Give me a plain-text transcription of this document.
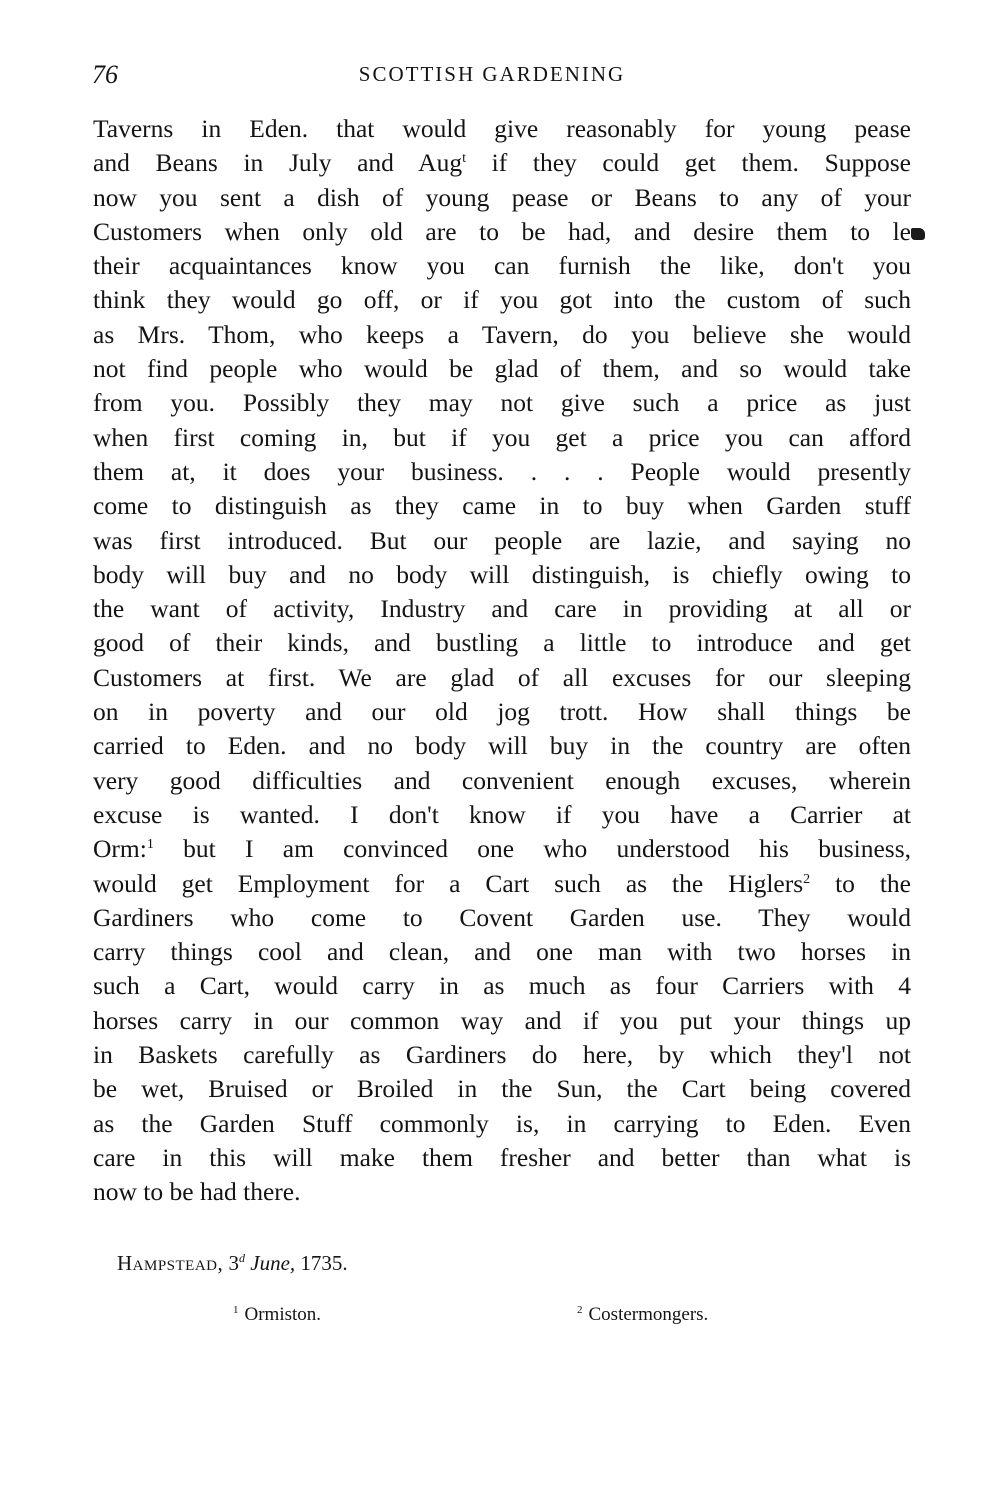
76	SCOTTISH GARDENING
Taverns in Eden. that would give reasonably for young pease
and Beans in July and Aug$^t$ if they could get them. Suppose
now you sent a dish of young pease or Beans to any of your
Customers when only old are to be had, and desire them to le
their acquaintances know you can furnish the like, don't you
think they would go off, or if you got into the custom of such
as Mrs. Thom, who keeps a Tavern, do you believe she would
not find people who would be glad of them, and so would take
from you. Possibly they may not give such a price as just
when first coming in, but if you get a price you can afford
them at, it does your business. . . . People would presently
come to distinguish as they came in to buy when Garden stuff
was first introduced. But our people are lazie, and saying no
body will buy and no body will distinguish, is chiefly owing to
the want of activity, Industry and care in providing at all or
good of their kinds, and bustling a little to introduce and get
Customers at first. We are glad of all excuses for our sleeping
on in poverty and our old jog trott. How shall things be
carried to Eden. and no body will buy in the country are often
very good difficulties and convenient enough excuses, wherein
excuse is wanted. I don't know if you have a Carrier at
Orm:$^1$ but I am convinced one who understood his business,
would get Employment for a Cart such as the Higlers$^2$ to the
Gardiners who come to Covent Garden use. They would
carry things cool and clean, and one man with two horses in
such a Cart, would carry in as much as four Carriers with 4
horses carry in our common way and if you put your things up
in Baskets carefully as Gardiners do here, by which they'l not
be wet, Bruised or Broiled in the Sun, the Cart being covered
as the Garden Stuff commonly is, in carrying to Eden. Even
care in this will make them fresher and better than what is
now to be had there.
Hampstead, 3$^d$ June, 1735.
$^1$ Ormiston.	$^2$ Costermongers.
